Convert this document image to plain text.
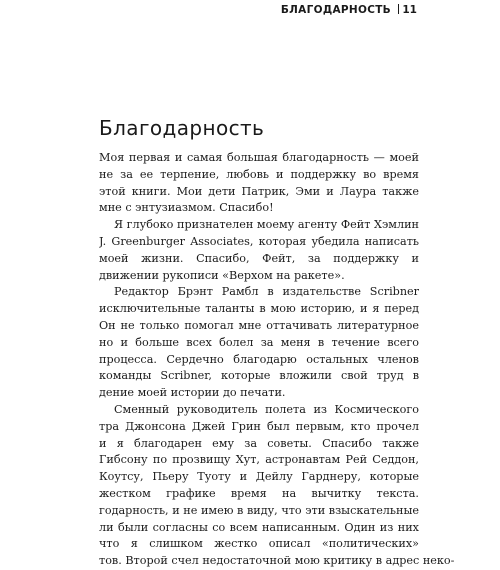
БЛАГОДАРНОСТЬ	11
Благодарность
Моя первая и самая большая благодарность — моей
не за ее терпение, любовь и поддержку во время
этой книги. Мои дети Патрик, Эми и Лаура также
мне с энтузиазмом. Спасибо!
Я глубоко признателен моему агенту Фейт Хэмлин
J. Greenburger Associates, которая убедила написать
моей жизни. Спасибо, Фейт, за поддержку и
движении рукописи «Верхом на ракете».
Редактор Брэнт Рамбл в издательстве Scribner
исключительные таланты в мою историю, и я перед
Он не только помогал мне оттачивать литературное
но и больше всех болел за меня в течение всего
процесса. Сердечно благодарю остальных членов
команды Scribner, которые вложили свой труд в
дение моей истории до печати.
Сменный руководитель полета из Космического
тра Джонсона Джей Грин был первым, кто прочел
и я благодарен ему за советы. Спасибо также
Гибсону по прозвищу Хут, астронавтам Рей Седдон,
Коутсу, Пьеру Туоту и Дейлу Гарднеру, которые
жестком графике время на вычитку текста.
годарность, и не имею в виду, что эти взыскательные
ли были согласны со всем написанным. Один из них
что я слишком жестко описал «политических»
тов. Второй счел недостаточной мою критику в адрес неко-
